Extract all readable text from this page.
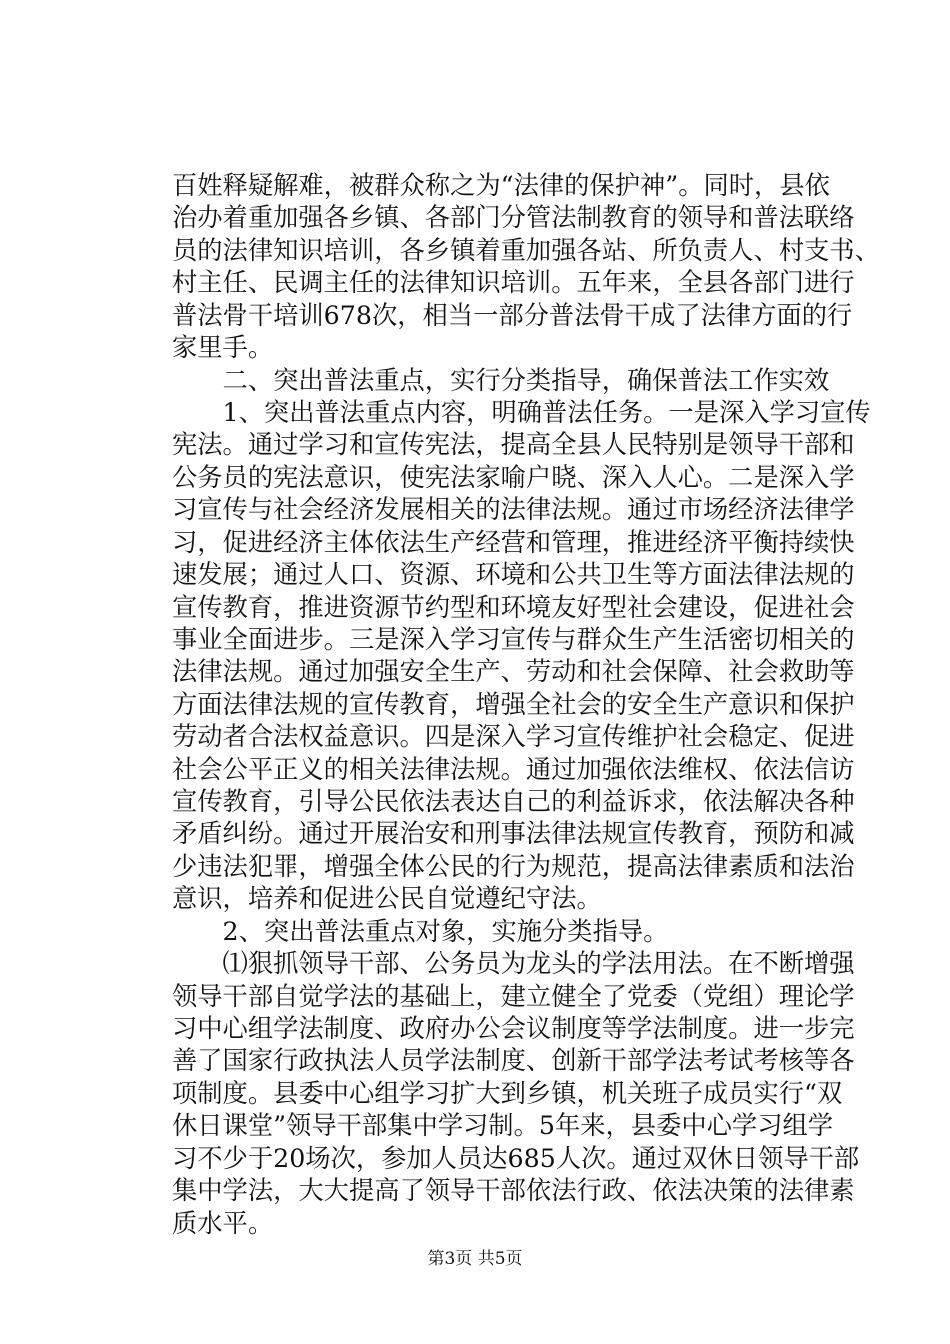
百姓释疑解难，被群众称之为“法律的保护神”。同时，县依
治办着重加强各乡镇、各部门分管法制教育的领导和普法联络
员的法律知识培训，各乡镇着重加强各站、所负责人、村支书、
村主任、民调主任的法律知识培训。五年来，全县各部门进行
普法骨干培训678次，相当一部分普法骨干成了法律方面的行
家里手。
　　二、突出普法重点，实行分类指导，确保普法工作实效
　　1、突出普法重点内容，明确普法任务。一是深入学习宣传
宪法。通过学习和宣传宪法，提高全县人民特别是领导干部和
公务员的宪法意识，使宪法家喻户晓、深入人心。二是深入学
习宣传与社会经济发展相关的法律法规。通过市场经济法律学
习，促进经济主体依法生产经营和管理，推进经济平衡持续快
速发展；通过人口、资源、环境和公共卫生等方面法律法规的
宣传教育，推进资源节约型和环境友好型社会建设，促进社会
事业全面进步。三是深入学习宣传与群众生产生活密切相关的
法律法规。通过加强安全生产、劳动和社会保障、社会救助等
方面法律法规的宣传教育，增强全社会的安全生产意识和保护
劳动者合法权益意识。四是深入学习宣传维护社会稳定、促进
社会公平正义的相关法律法规。通过加强依法维权、依法信访
宣传教育，引导公民依法表达自己的利益诉求，依法解决各种
矛盾纠纷。通过开展治安和刑事法律法规宣传教育，预防和减
少违法犯罪，增强全体公民的行为规范，提高法律素质和法治
意识，培养和促进公民自觉遵纪守法。
　　2、突出普法重点对象，实施分类指导。
　　⑴狠抓领导干部、公务员为龙头的学法用法。在不断增强
领导干部自觉学法的基础上，建立健全了党委（党组）理论学
习中心组学法制度、政府办公会议制度等学法制度。进一步完
善了国家行政执法人员学法制度、创新干部学法考试考核等各
项制度。县委中心组学习扩大到乡镇，机关班子成员实行“双
休日课堂”领导干部集中学习制。5年来，县委中心学习组学
习不少于20场次，参加人员达685人次。通过双休日领导干部
集中学法，大大提高了领导干部依法行政、依法决策的法律素
质水平。
第3页 共5页
